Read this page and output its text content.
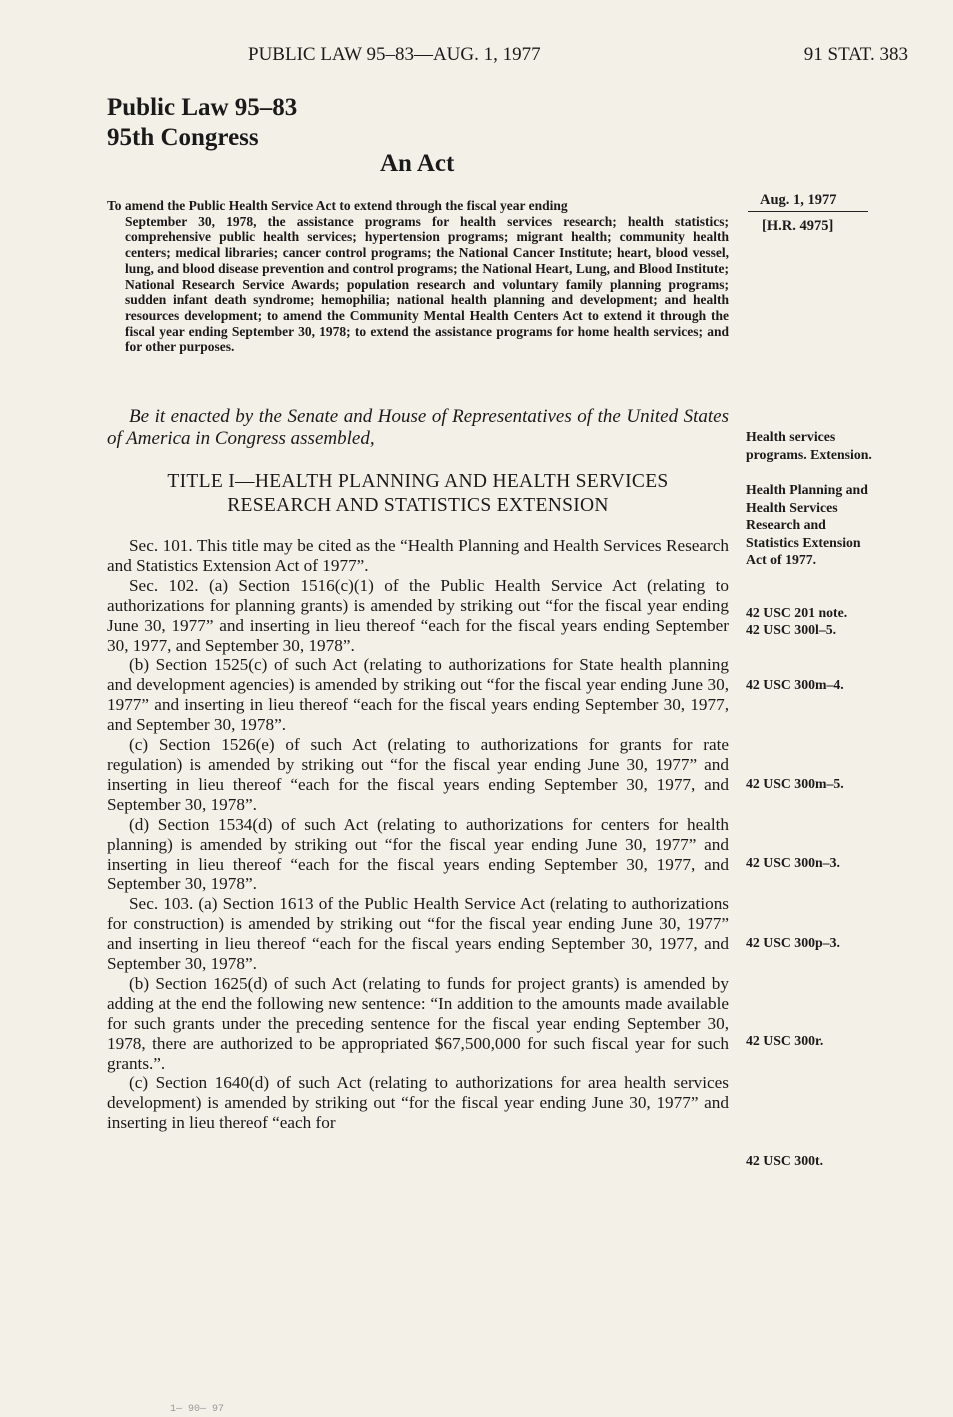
PUBLIC LAW 95–83—AUG. 1, 1977	91 STAT. 383
Public Law 95–83
95th Congress
An Act
To amend the Public Health Service Act to extend through the fiscal year ending
September 30, 1978, the assistance programs for health services research; health statistics; comprehensive public health services; hypertension programs; migrant health; community health centers; medical libraries; cancer control programs; the National Cancer Institute; heart, blood vessel, lung, and blood disease prevention and control programs; the National Heart, Lung, and Blood Institute; National Research Service Awards; population research and voluntary family planning programs; sudden infant death syndrome; hemophilia; national health planning and development; and health resources development; to amend the Community Mental Health Centers Act to extend it through the fiscal year ending September 30, 1978; to extend the assistance programs for home health services; and for other purposes.
Aug. 1, 1977
[H.R. 4975]
Be it enacted by the Senate and House of Representatives of the United States of America in Congress assembled,
TITLE I—HEALTH PLANNING AND HEALTH SERVICES
RESEARCH AND STATISTICS EXTENSION

Sec. 101. This title may be cited as the “Health Planning and Health Services Research and Statistics Extension Act of 1977”.

Sec. 102. (a) Section 1516(c)(1) of the Public Health Service Act (relating to authorizations for planning grants) is amended by striking out “for the fiscal year ending June 30, 1977” and inserting in lieu thereof “each for the fiscal years ending September 30, 1977, and September 30, 1978”.

(b) Section 1525(c) of such Act (relating to authorizations for State health planning and development agencies) is amended by striking out “for the fiscal year ending June 30, 1977” and inserting in lieu thereof “each for the fiscal years ending September 30, 1977, and September 30, 1978”.

(c) Section 1526(e) of such Act (relating to authorizations for grants for rate regulation) is amended by striking out “for the fiscal year ending June 30, 1977” and inserting in lieu thereof “each for the fiscal years ending September 30, 1977, and September 30, 1978”.

(d) Section 1534(d) of such Act (relating to authorizations for centers for health planning) is amended by striking out “for the fiscal year ending June 30, 1977” and inserting in lieu thereof “each for the fiscal years ending September 30, 1977, and September 30, 1978”.

Sec. 103. (a) Section 1613 of the Public Health Service Act (relating to authorizations for construction) is amended by striking out “for the fiscal year ending June 30, 1977” and inserting in lieu thereof “each for the fiscal years ending September 30, 1977, and September 30, 1978”.

(b) Section 1625(d) of such Act (relating to funds for project grants) is amended by adding at the end the following new sentence: “In addition to the amounts made available for such grants under the preceding sentence for the fiscal year ending September 30, 1978, there are authorized to be appropriated $67,500,000 for such fiscal year for such grants.”.

(c) Section 1640(d) of such Act (relating to authorizations for area health services development) is amended by striking out “for the fiscal year ending June 30, 1977” and inserting in lieu thereof “each for

Health services programs. Extension.
Health Planning and Health Services Research and Statistics Extension Act of 1977.
42 USC 201 note.
42 USC 300l–5.
42 USC 300m–4.
42 USC 300m–5.
42 USC 300n–3.
42 USC 300p–3.
42 USC 300r.
42 USC 300t.
1— 90— 97
